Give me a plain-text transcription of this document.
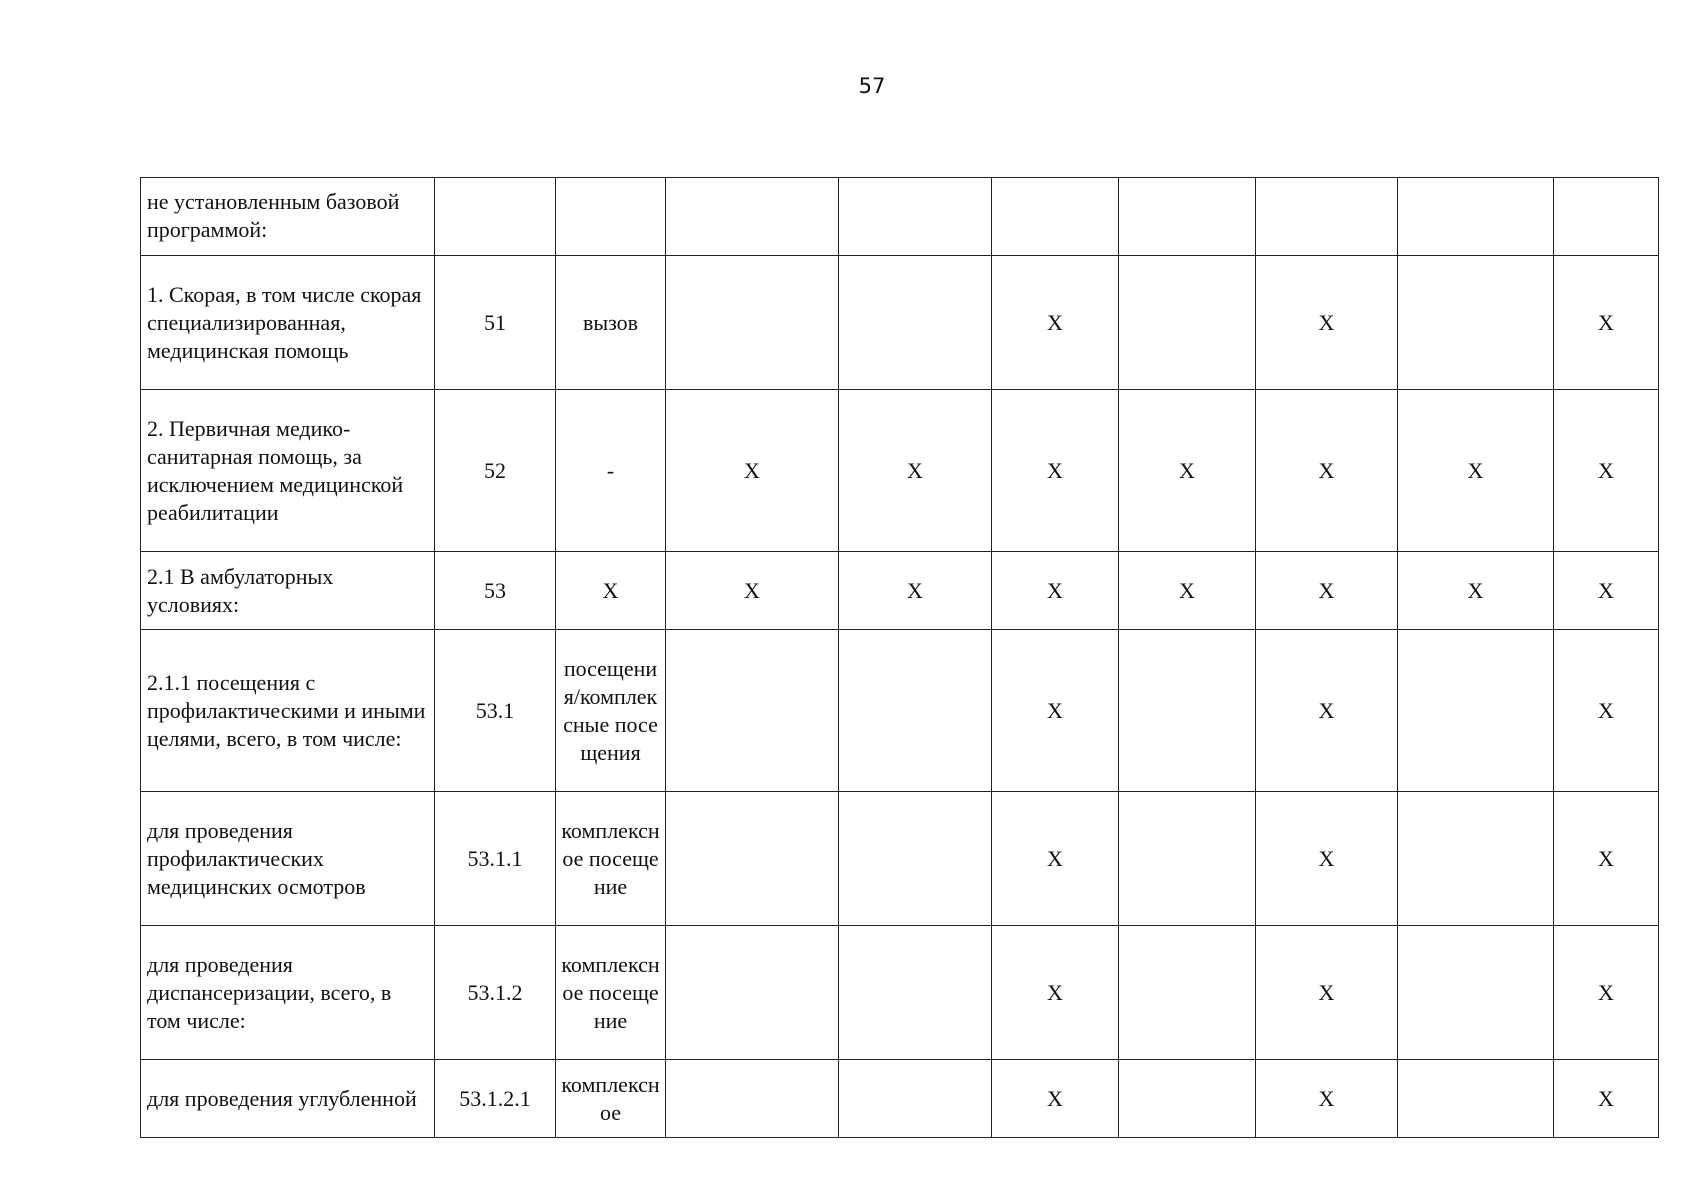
57
не установленным базовой программой:									
1. Скорая, в том числе скорая специализированная, медицинская помощь	51	вызов			Х		Х		Х
2. Первичная медико-санитарная помощь, за исключением медицинской реабилитации	52	-	Х	Х	Х	Х	Х	Х	Х
2.1 В амбулаторных условиях:	53	Х	Х	Х	Х	Х	Х	Х	Х
2.1.1 посещения с профилактическими и иными целями, всего, в том числе:	53.1	посещения/комплексные посещения			Х		Х		Х
для проведения профилактических медицинских осмотров	53.1.1	комплексное посещение			Х		Х		Х
для проведения диспансеризации, всего, в том числе:	53.1.2	комплексное посещение			Х		Х		Х
для проведения углубленной	53.1.2.1	комплексное			Х		Х		Х
